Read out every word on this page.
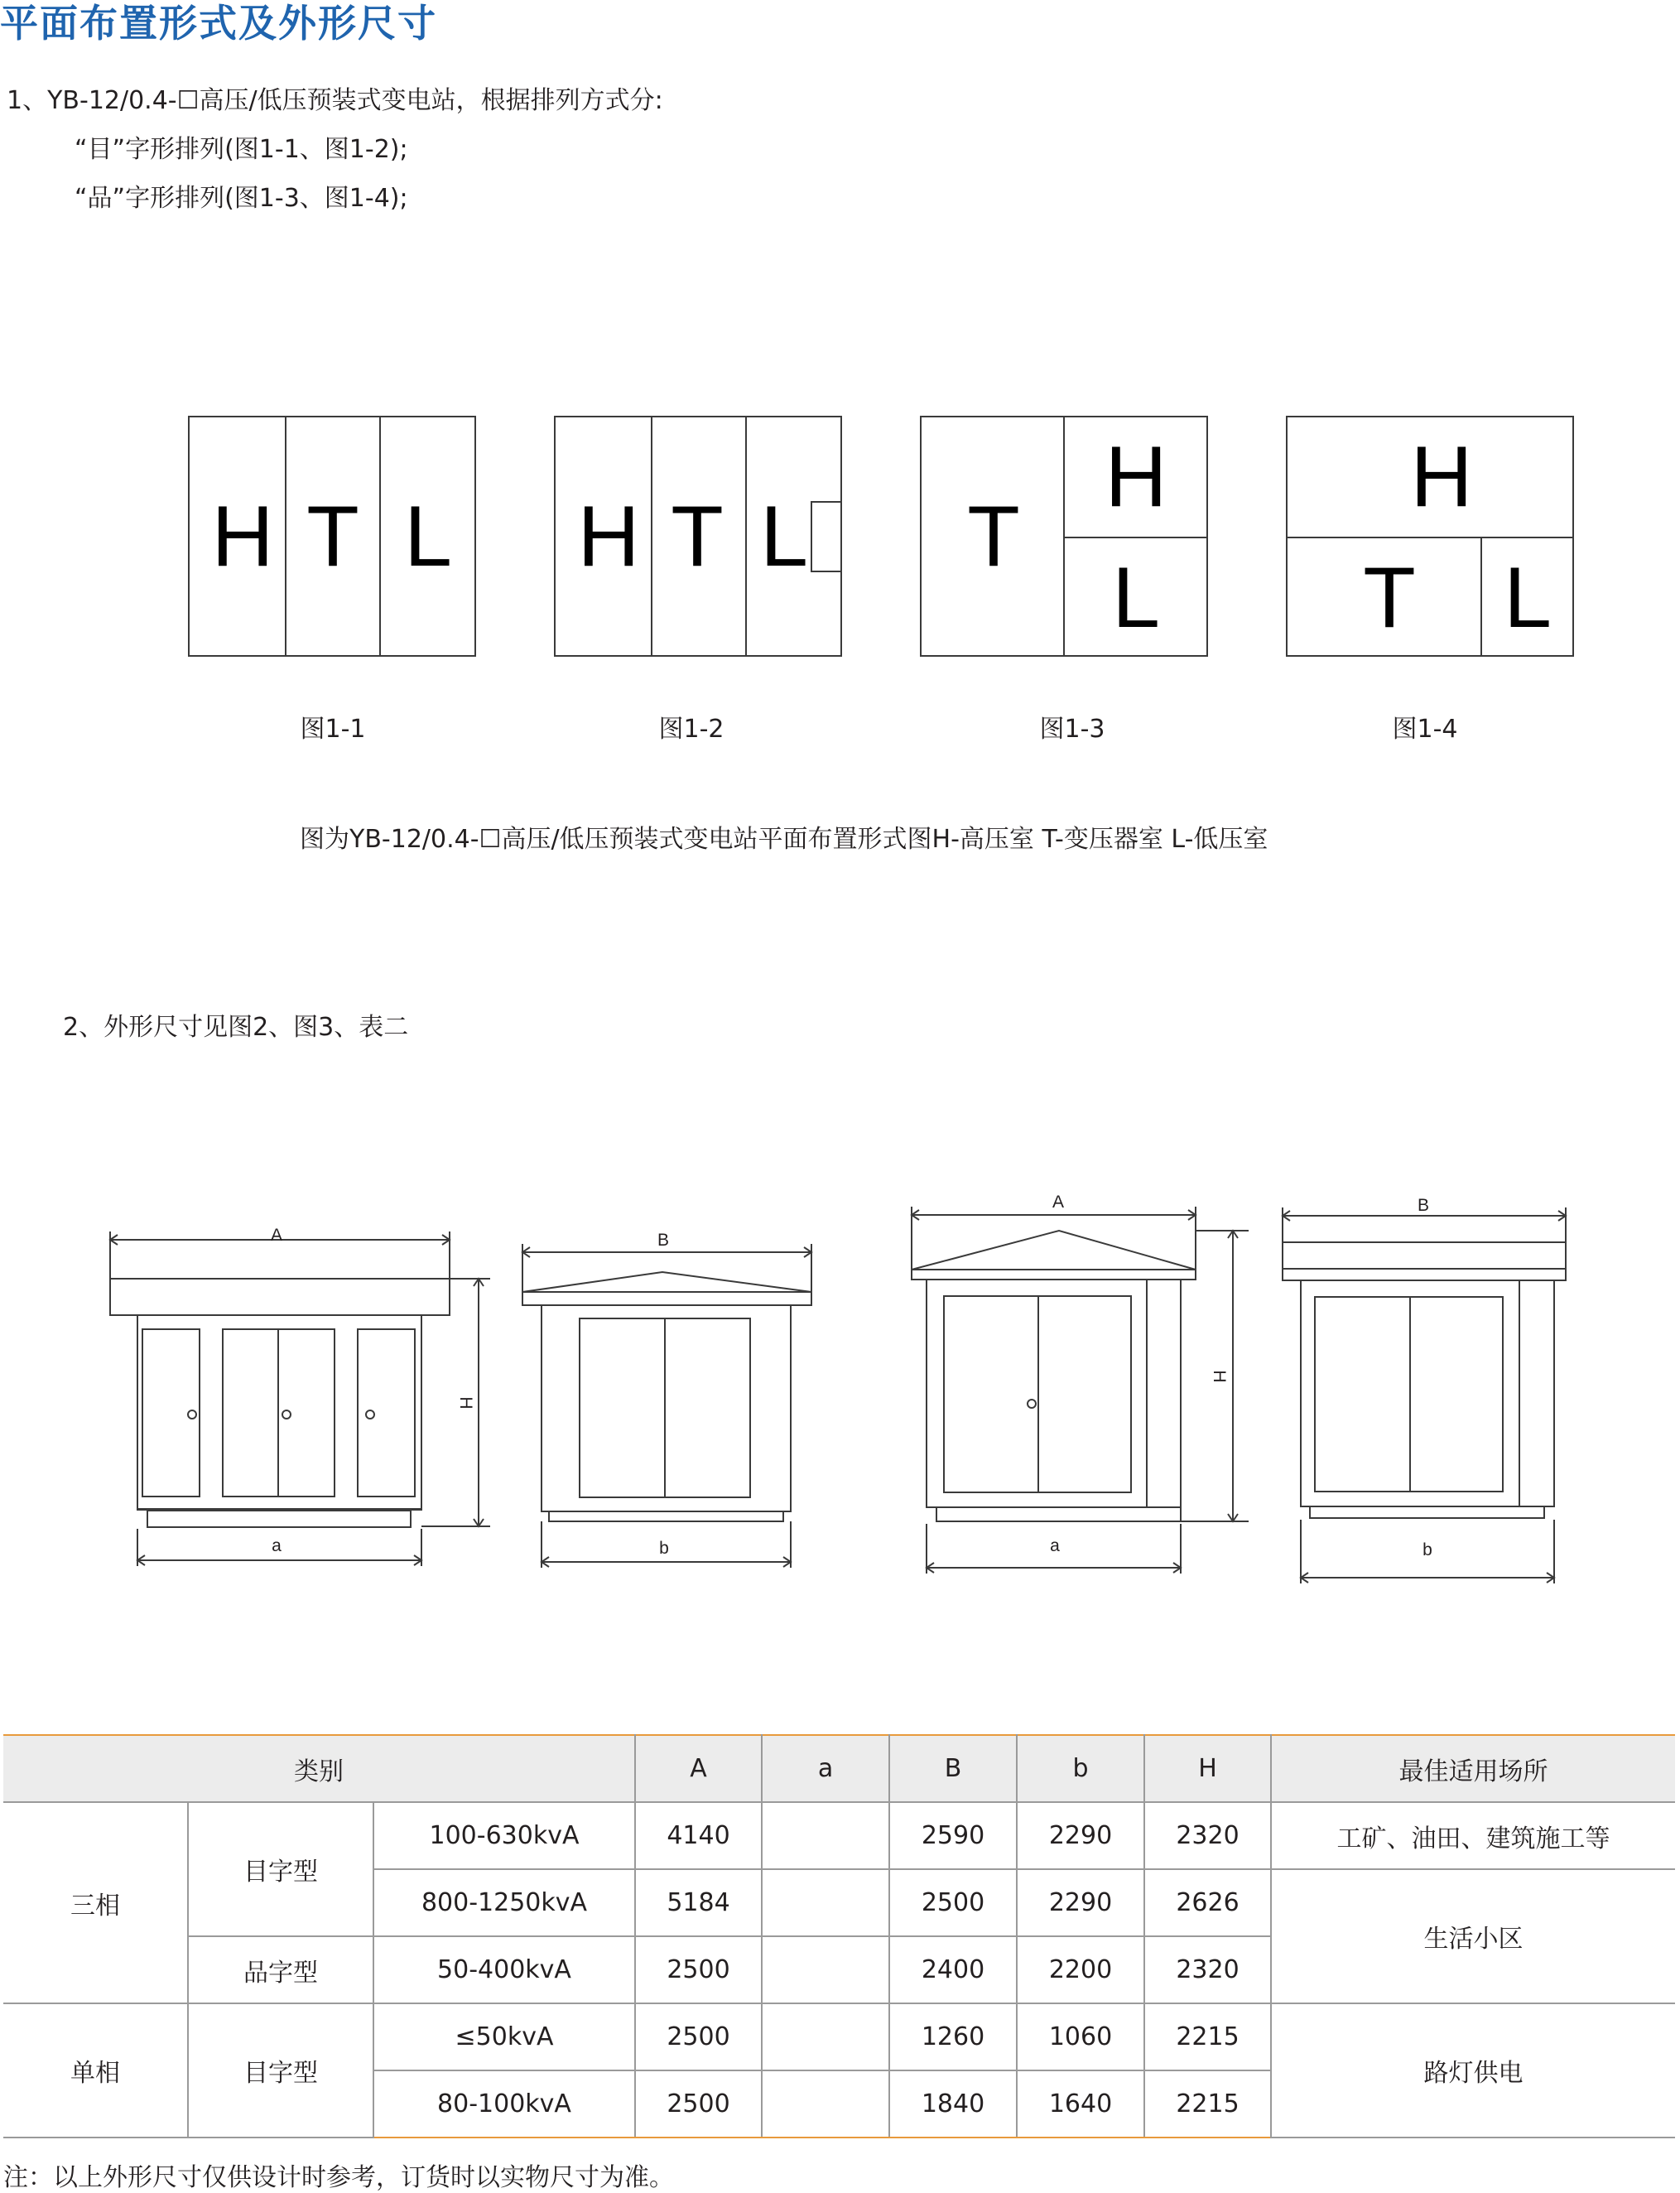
平面布置形式及外形尺寸
1、YB-12/0.4-☐高压/低压预装式变电站，根据排列方式分:
“目”字形排列(图1-1、图1-2);
“品”字形排列(图1-3、图1-4);
H T L
图1-1
H T L
图1-2
T
H
L
图1-3
H
T L
图1-4
图为YB-12/0.4-☐高压/低压预装式变电站平面布置形式图H-高压室 T-变压器室 L-低压室
2、外形尺寸见图2、图3、表二
A
a
H
B
b
A
a
H
B
b
类别			A	a	B	b	H	最佳适用场所
三相	目字型	100-630kvA	4140		2590	2290	2320	工矿、油田、建筑施工等
		800-1250kvA	5184		2500	2290	2626	生活小区
	品字型	50-400kvA	2500		2400	2200	2320	
单相	目字型	≤50kvA	2500		1260	1060	2215	路灯供电
		80-100kvA	2500		1840	1640	2215	
注：以上外形尺寸仅供设计时参考，订货时以实物尺寸为准。
